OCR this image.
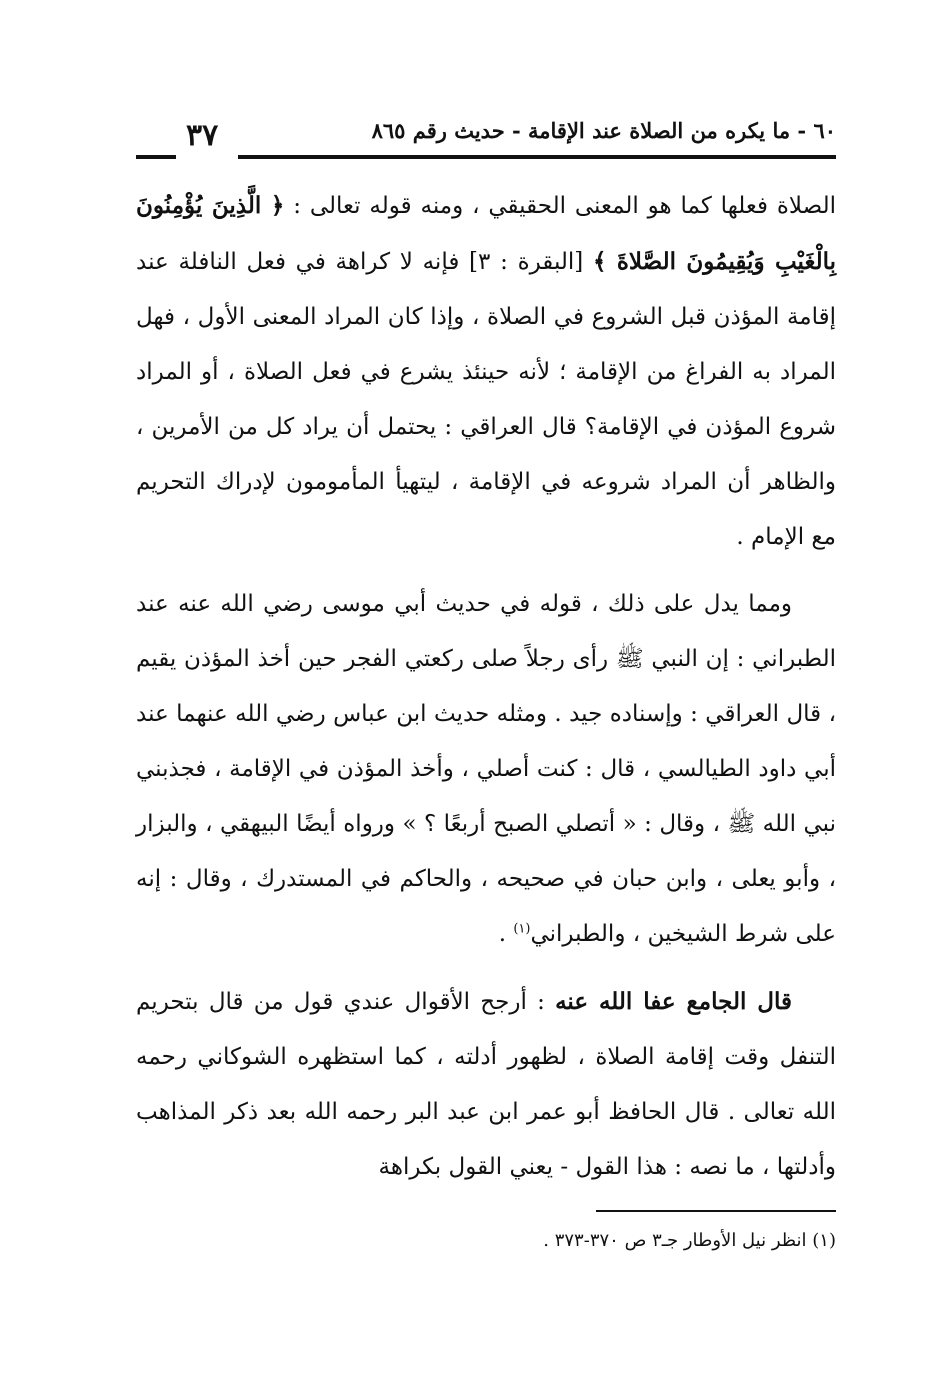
٦٠ - ما يكره من الصلاة عند الإقامة - حديث رقم ٨٦٥
٣٧

الصلاة فعلها كما هو المعنى الحقيقي ، ومنه قوله تعالى : ﴿ الَّذِينَ يُؤْمِنُونَ بِالْغَيْبِ وَيُقِيمُونَ الصَّلاةَ ﴾ [البقرة : ٣] فإنه لا كراهة في فعل النافلة عند إقامة المؤذن قبل الشروع في الصلاة ، وإذا كان المراد المعنى الأول ، فهل المراد به الفراغ من الإقامة ؛ لأنه حينئذ يشرع في فعل الصلاة ، أو المراد شروع المؤذن في الإقامة؟ قال العراقي : يحتمل أن يراد كل من الأمرين ، والظاهر أن المراد شروعه في الإقامة ، ليتهيأ المأمومون لإدراك التحريم مع الإمام .

ومما يدل على ذلك ، قوله في حديث أبي موسى رضي الله عنه عند الطبراني : إن النبي ﷺ رأى رجلاً صلى ركعتي الفجر حين أخذ المؤذن يقيم ، قال العراقي : وإسناده جيد . ومثله حديث ابن عباس رضي الله عنهما عند أبي داود الطيالسي ، قال : كنت أصلي ، وأخذ المؤذن في الإقامة ، فجذبني نبي الله ﷺ ، وقال : « أتصلي الصبح أربعًا ؟ » ورواه أيضًا البيهقي ، والبزار ، وأبو يعلى ، وابن حبان في صحيحه ، والحاكم في المستدرك ، وقال : إنه على شرط الشيخين ، والطبراني$^{(١)}$ .

قال الجامع عفا الله عنه : أرجح الأقوال عندي قول من قال بتحريم التنفل وقت إقامة الصلاة ، لظهور أدلته ، كما استظهره الشوكاني رحمه الله تعالى . قال الحافظ أبو عمر ابن عبد البر رحمه الله بعد ذكر المذاهب وأدلتها ، ما نصه : هذا القول - يعني القول بكراهة

(١) انظر نيل الأوطار جـ٣ ص ٣٧٠-٣٧٣ .
